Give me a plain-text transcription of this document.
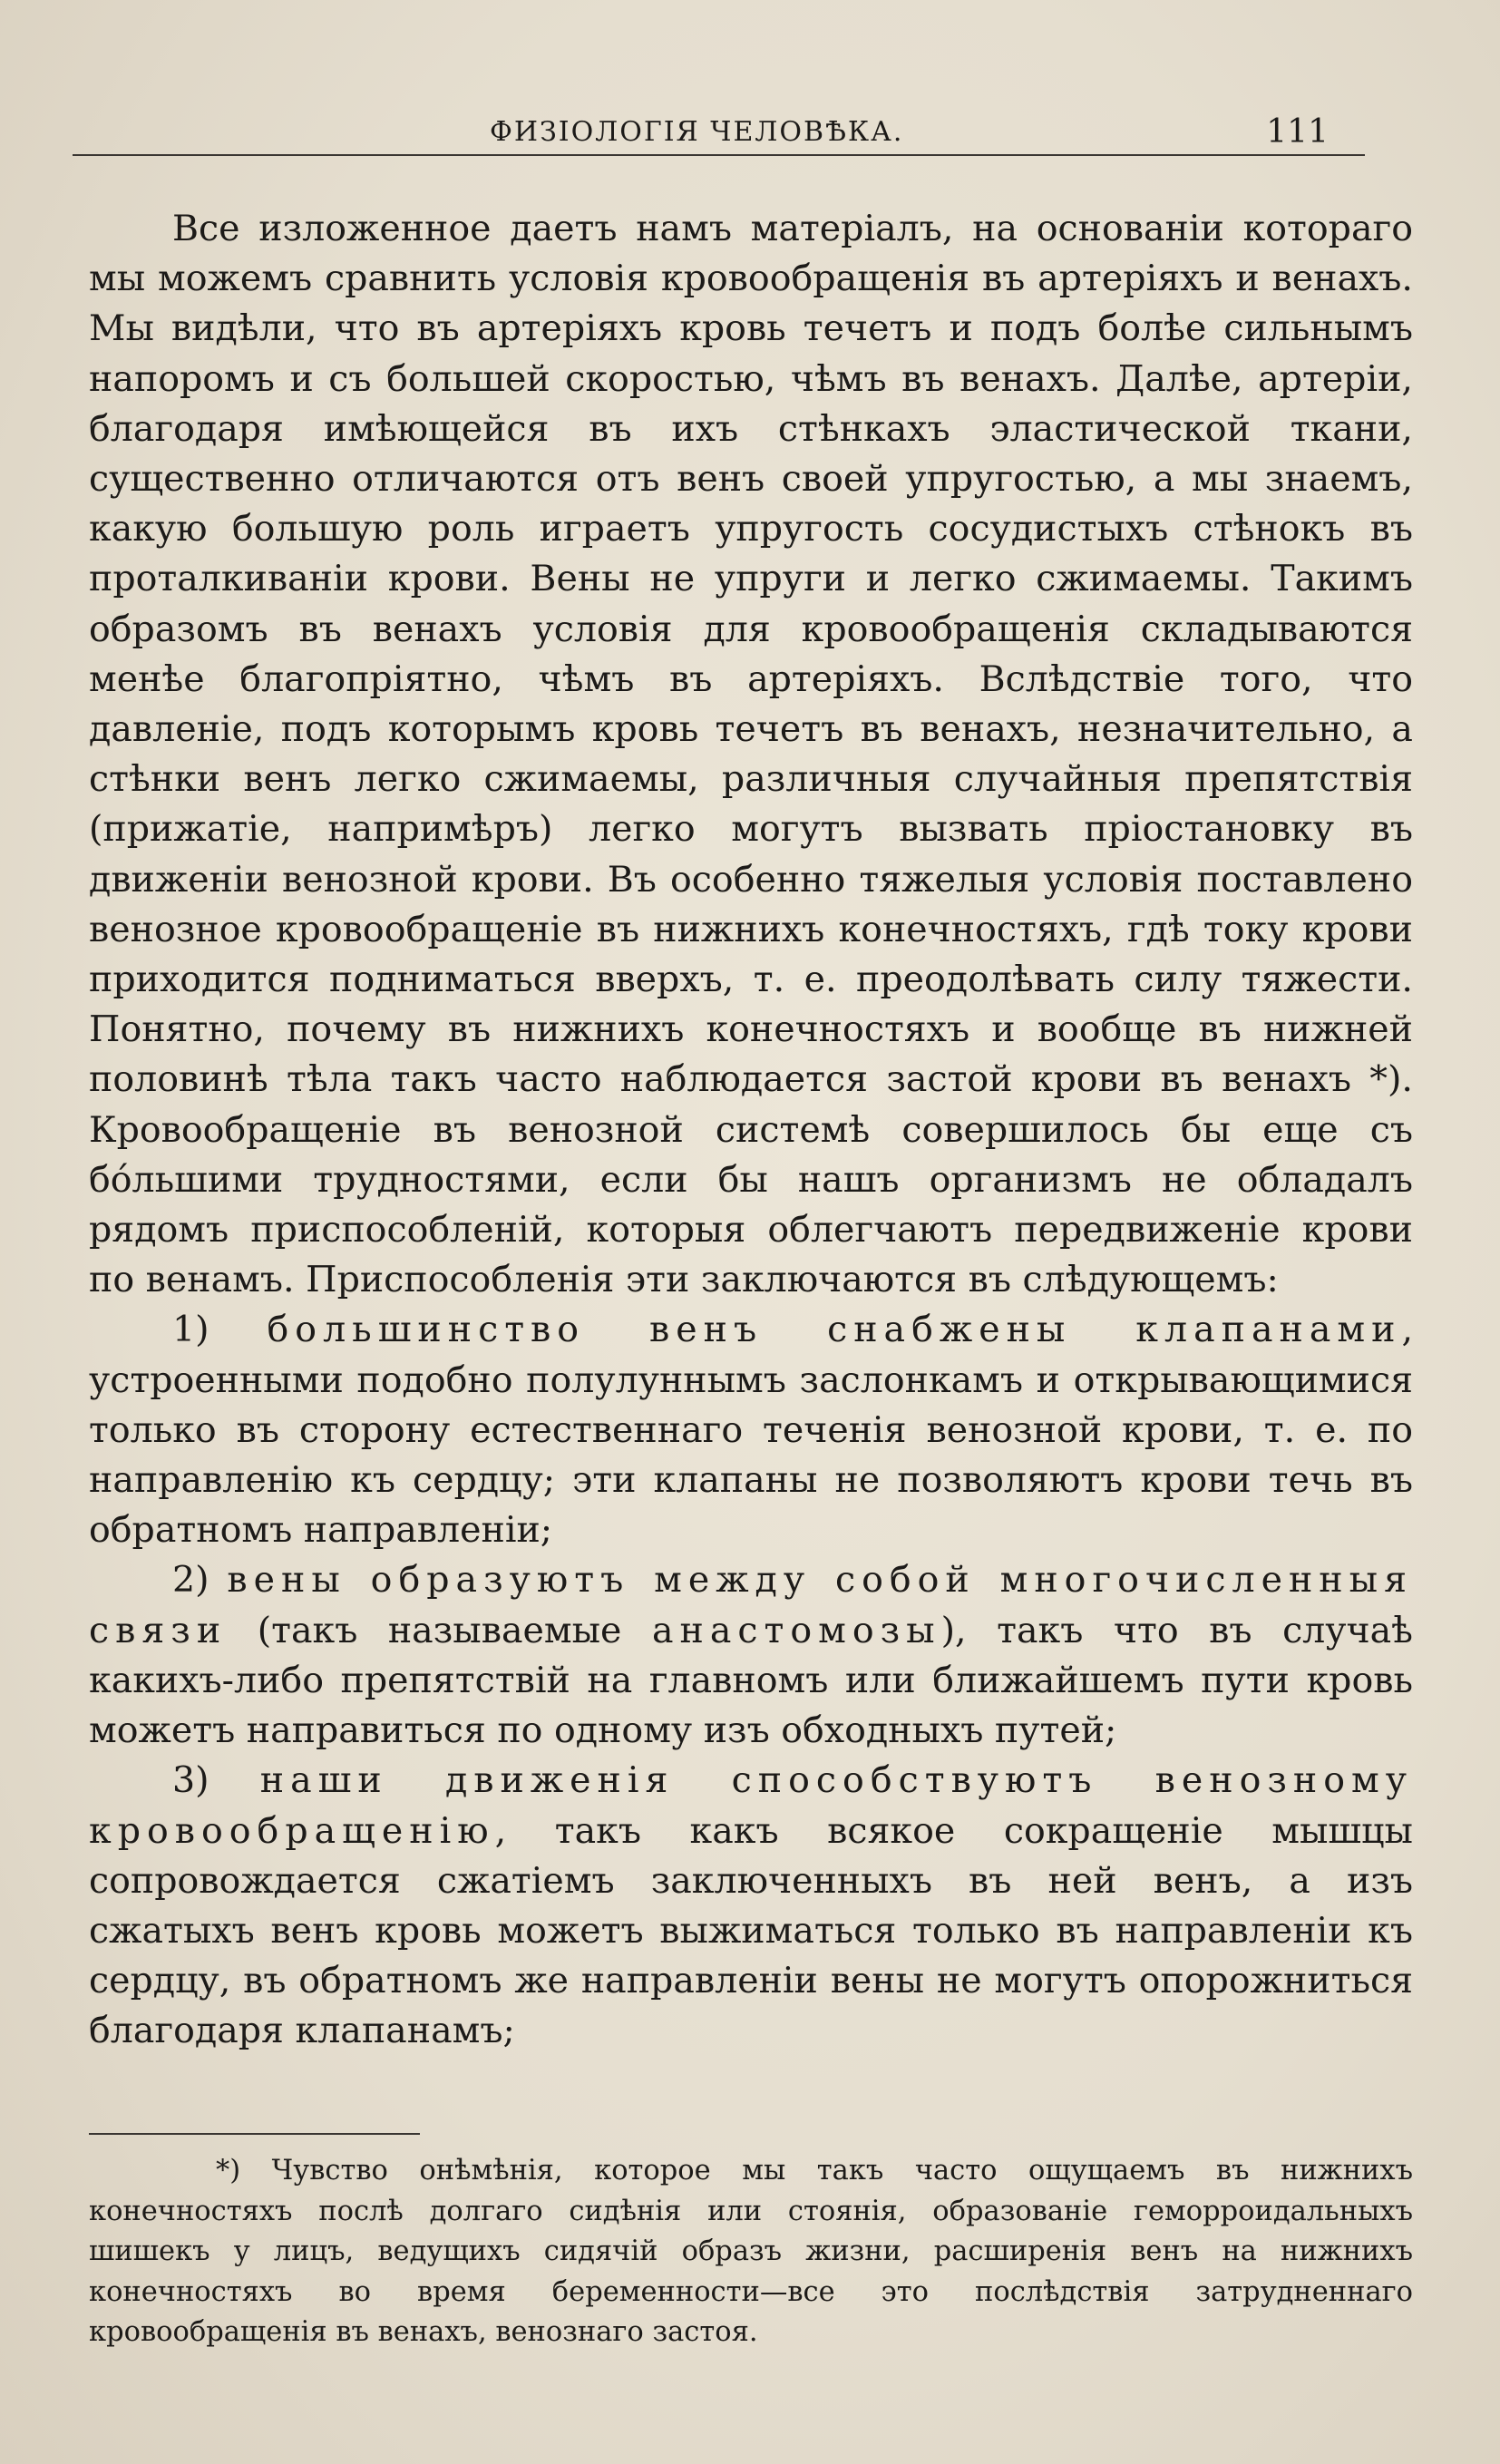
ФИЗІОЛОГІЯ ЧЕЛОВѢКА.	111

Все изложенное даетъ намъ матеріалъ, на основаніи котораго мы можемъ сравнить условія кровообращенія въ артеріяхъ и венахъ. Мы видѣли, что въ артеріяхъ кровь течетъ и подъ болѣе сильнымъ напоромъ и съ большей скоростью, чѣмъ въ венахъ. Далѣе, артеріи, благодаря имѣющейся въ ихъ стѣнкахъ эластической ткани, существенно отличаются отъ венъ своей упругостью, а мы знаемъ, какую большую роль играетъ упругость сосудистыхъ стѣнокъ въ проталкиваніи крови. Вены не упруги и легко сжимаемы. Такимъ образомъ въ венахъ условія для кровообращенія складываются менѣе благопріятно, чѣмъ въ артеріяхъ. Вслѣдствіе того, что давленіе, подъ которымъ кровь течетъ въ венахъ, незначительно, а стѣнки венъ легко сжимаемы, различныя случайныя препятствія (прижатіе, напримѣръ) легко могутъ вызвать пріостановку въ движеніи венозной крови. Въ особенно тяжелыя условія поставлено венозное кровообращеніе въ нижнихъ конечностяхъ, гдѣ току крови приходится подниматься вверхъ, т. е. преодолѣвать силу тяжести. Понятно, почему въ нижнихъ конечностяхъ и вообще въ нижней половинѣ тѣла такъ часто наблюдается застой крови въ венахъ *). Кровообращеніе въ венозной системѣ совершилось бы еще съ бóльшими трудностями, если бы нашъ организмъ не обладалъ рядомъ приспособленій, которыя облегчаютъ передвиженіе крови по венамъ. Приспособленія эти заключаются въ слѣдующемъ:

1) большинство венъ снабжены клапанами, устроенными подобно полулуннымъ заслонкамъ и открывающимися только въ сторону естественнаго теченія венозной крови, т. е. по направленію къ сердцу; эти клапаны не позволяютъ крови течь въ обратномъ направленіи;

2) вены образуютъ между собой многочисленныя связи (такъ называемые анастомозы), такъ что въ случаѣ какихъ-либо препятствій на главномъ или ближайшемъ пути кровь можетъ направиться по одному изъ обходныхъ путей;

3) наши движенія способствуютъ венозному кровообращенію, такъ какъ всякое сокращеніе мышцы сопровождается сжатіемъ заключенныхъ въ ней венъ, а изъ сжатыхъ венъ кровь можетъ выжиматься только въ направленіи къ сердцу, въ обратномъ же направленіи вены не могутъ опорожниться благодаря клапанамъ;

*) Чувство онѣмѣнія, которое мы такъ часто ощущаемъ въ нижнихъ конечностяхъ послѣ долгаго сидѣнія или стоянія, образованіе геморроидальныхъ шишекъ у лицъ, ведущихъ сидячій образъ жизни, расширенія венъ на нижнихъ конечностяхъ во время беременности—все это послѣдствія затрудненнаго кровообращенія въ венахъ, венознаго застоя.
